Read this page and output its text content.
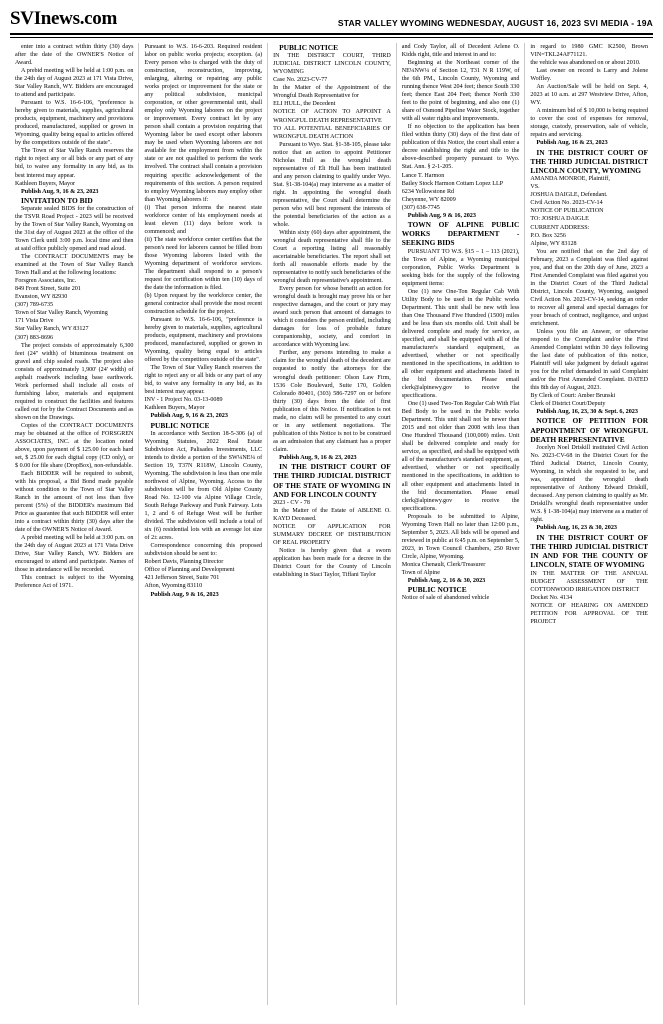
SVInews.com	STAR VALLEY WYOMING WEDNESDAY, AUGUST 16, 2023 SVI MEDIA - 19A

enter into a contract within thirty (30) days after the date of the OWNER'S Notice of Award.

A prebid meeting will be held at 1:00 p.m. on the 24th day of August 2023 at 171 Vista Drive, Star Valley Ranch, WY. Bidders are encouraged to attend and participate.

Pursuant to W.S. 16-6-106, "preference is hereby given to materials, supplies, agricultural products, equipment, machinery and provisions produced, manufactured, supplied or grown in Wyoming, quality being equal to articles offered by the competitors outside of the state".

The Town of Star Valley Ranch reserves the right to reject any or all bids or any part of any bid, to waive any formality in any bid, as its best interest may appear.

Kathleen Buyers, Mayor

Publish Aug, 9, 16 & 23, 2023

INVITATION TO BID

Separate sealed BIDS for the construction of the TSVR Road Project - 2023 will be received by the Town of Star Valley Ranch, Wyoming on the 31st day of August 2023 at the office of the Town Clerk until 3:00 p.m. local time and then at said office publicly opened and read aloud.

The CONTRACT DOCUMENTS may be examined at the Town of Star Valley Ranch Town Hall and at the following locations:

Forsgren Associates, Inc.

849 Front Street, Suite 201

Evanston, WY 82930

(307) 789-6735

Town of Star Valley Ranch, Wyoming

171 Vista Drive

Star Valley Ranch, WY 83127

(307) 883-8696

The project consists of approximately 6,300 feet (24" width) of bituminous treatment on gravel and chip sealed roads. The project also consists of approximately 1,900' (24' width) of asphalt roadwork including base earthwork. Work performed shall include all costs of furnishing labor, materials and equipment required to construct the facilities and features called out for by the Contract Documents and as shown on the Drawings.

Copies of the CONTRACT DOCUMENTS may be obtained at the office of FORSGREN ASSOCIATES, INC. at the location noted above, upon payment of $ 125.00 for each hard set, $ 25.00 for each digital copy (CD only), or $ 0.00 for file share (DropBox), non-refundable.

Each BIDDER will be required to submit, with his proposal, a Bid Bond made payable without condition to the Town of Star Valley Ranch in the amount of not less than five percent (5%) of the BIDDER's maximum Bid Price as guarantee that such BIDDER will enter into a contract within thirty (30) days after the date of the OWNER'S Notice of Award.

A prebid meeting will be held at 3:00 p.m. on the 24th day of August 2023 at 171 Vista Drive Drive, Star Valley Ranch, WY. Bidders are encouraged to attend and participate. Names of those in attendance will be recorded.

This contract is subject to the Wyoming Preference Act of 1971.

Pursuant to W.S. 16-6-203. Required resident labor on public works projects; exception. (a) Every person who is charged with the duty of construction, reconstruction, improving, enlarging, altering or repairing any public works project or improvement for the state or any political subdivision, municipal corporation, or other governmental unit, shall employ only Wyoming laborers on the project or improvement. Every contract let by any person shall contain a provision requiring that Wyoming labor be used except other laborers may be used when Wyoming laborers are not available for the employment from within the state or are not qualified to perform the work involved. The contract shall contain a provision requiring specific acknowledgement of the requirements of this section. A person required to employ Wyoming laborers may employ other than Wyoming laborers if:

(i) That person informs the nearest state workforce center of his employment needs at least eleven (11) days before work is commenced; and

(ii) The state workforce center certifies that the person's need for laborers cannot be filled from those Wyoming laborers listed with the Wyoming department of workforce services. The department shall respond to a person's request for certification within ten (10) days of the date the information is filed.

(b) Upon request by the workforce center, the general contractor shall provide the most recent construction schedule for the project.

Pursuant to W.S. 16-6-106, "preference is hereby given to materials, supplies, agricultural products, equipment, machinery and provisions produced, manufactured, supplied or grown in Wyoming, quality being equal to articles offered by the competitors outside of the state".

The Town of Star Valley Ranch reserves the right to reject any or all bids or any part of any bid, to waive any formality in any bid, as its best interest may appear.

INV - 1 Project No. 03-13-0089

Kathleen Buyers, Mayor

Publish Aug, 9, 16 & 23, 2023

PUBLIC NOTICE

In accordance with Section 18-5-306 (a) of Wyoming Statutes, 2022 Real Estate Subdivision Act, Palisades Investments, LLC intends to divide a portion of the SW¼NE¼ of Section 19, T37N R118W, Lincoln County, Wyoming. The subdivision is less than one mile northwest of Alpine, Wyoming. Access to the subdivision will be from Old Alpine County Road No. 12-100 via Alpine Village Circle, South Refuge Parkway and Funk Fairway. Lots 1, 2 and 6 of Refuge West will be further divided. The subdivision will include a total of six (6) residential lots with an average lot size of 2± acres.

Correspondence concerning this proposed subdivision should be sent to:

Robert Davis, Planning Director

Office of Planning and Development

421 Jefferson Street, Suite 701

Afton, Wyoming 83110

Publish Aug, 9 & 16, 2023

PUBLIC NOTICE

IN THE DISTRICT COURT, THIRD JUDICIAL DISTRICT LINCOLN COUNTY, WYOMING

Case No. 2023-CV-77

In the Matter of the Appointment of the Wrongful Death Representative for

ELI HULL, the Decedent

NOTICE OF ACTION TO APPOINT A WRONGFUL DEATH REPRESENTATIVE

TO ALL POTENTIAL BENEFICIARIES OF WRONGFUL DEATH ACTION

Pursuant to Wyo. Stat. §1-38-105, please take notice that an action to appoint Petitioner Nicholas Hull as the wrongful death representative of Eli Hull has been instituted and any person claiming to qualify under Wyo. Stat. §1-38-104(a) may intervene as a matter of right. In appointing the wrongful death representative, the Court shall determine the person who will best represent the interests of the potential beneficiaries of the action as a whole.

Within sixty (60) days after appointment, the wrongful death representative shall file to the Court a reporting listing all reasonably ascertainable beneficiaries. The report shall set forth all reasonable efforts made by the representative to notify such beneficiaries of the wrongful death representative's appointment.

Every person for whose benefit an action for wrongful death is brought may prove his or her respective damages, and the court or jury may award such person that amount of damages to which it considers the person entitled, including damages for loss of probable future companionship, society, and comfort in accordance with Wyoming law.

Further, any persons intending to make a claim for the wrongful death of the decedent are requested to notify the attorneys for the wrongful death petitioner: Olson Law Firm, 1536 Cole Boulevard, Suite 170, Golden Colorado 80401, (303) 586-7297 on or before thirty (30) days from the date of first publication of this Notice. If notification is not made, no claim will be presented to any court or in any settlement negotiations. The publication of this Notice is not to be construed as an admission that any claimant has a proper claim.

Publish Aug, 9, 16 & 23, 2023

IN THE DISTRICT COURT OF THE THIRD JUDICIAL DISTRICT OF THE STATE OF WYOMING IN AND FOR LINCOLN COUNTY

2023 - CV - 78

In the Matter of the Estate of ABLENE O. KAYD Deceased.

NOTICE OF APPLICATION FOR SUMMARY DECREE OF DISTRIBUTION OF REAL PROPERTY

Notice is hereby given that a sworn application has been made for a decree in the District Court for the County of Lincoln establishing in Staci Taylor, Tiffani Taylor

and Cody Taylor, all of Decedent Arlene O. Kidds right, title and interest in and to:

Beginning at the Northeast corner of the NE¼NW¼ of Section 12, T31 N R 119W, of the 6th PM., Lincoln County, Wyoming and running thence West 204 feet; thence South 330 feet; thence East 204 Feet; thence North 330 feet to the point of beginning, and also one (1) share of Osmond Pipeline Water Stock, together with all water rights and improvements.

If no objection to the application has been filed within thirty (30) days of the first date of publication of this Notice, the court shall enter a decree establishing the right and title to the above-described property pursuant to Wyo. Stat. Ann. § 2-1-205.

Lance T. Harmon

Bailey Stock Harmon Cottam Lopez LLP

6234 Yellowstone Rd

Cheyenne, WY 82009

(307) 638-7745

Publish Aug, 9 & 16, 2023

TOWN OF ALPINE PUBLIC WORKS DEPARTMENT - SEEKING BIDS

PURSUANT TO W.S. §15 – 1 – 113 (2021), the Town of Alpine, a Wyoming municipal corporation, Public Works Department is seeking bids for the supply of the following equipment items:

One (1) new One-Ton Regular Cab With Utility Body to be used in the Public works Department. This unit shall be new with less than One Thousand Five Hundred (1500) miles and be less than six months old. Unit shall be delivered complete and ready for service, as specified, and shall be equipped with all of the manufacturer's standard equipment, as advertised, whether or not specifically mentioned in the specifications, in addition to all other equipment and attachments listed in the bid documentation. Please email clerk@alpinewy.gov to receive the specifications.

One (1) used Two-Ton Regular Cab With Flat Bed Body to be used in the Public works Department. This unit shall not be newer than 2015 and not older than 2008 with less than One Hundred Thousand (100,000) miles. Unit shall be delivered complete and ready for service, as specified, and shall be equipped with all of the manufacturer's standard equipment, as advertised, whether or not specifically mentioned in the specifications, in addition to all other equipment and attachments listed in the bid documentation. Please email clerk@alpinewy.gov to receive the specifications.

Proposals to be submitted to Alpine, Wyoming Town Hall no later than 12:00 p.m., September 5, 2023. All bids will be opened and reviewed in public at 6:45 p.m. on September 5, 2023, in Town Council Chambers, 250 River Circle, Alpine, Wyoming.

Monica Chenault, Clerk/Treasurer

Town of Alpine

Publish Aug, 2, 16 & 30, 2023

PUBLIC NOTICE

Notice of sale of abandoned vehicle

in regard to 1980 GMC K2500, Brown VIN=TKL24AF71121.

the vehicle was abandoned on or about 2010.

Last owner on record is Larry and Jolene Woffley.

An Auction/Sale will be held on Sept. 4, 2023 at 10 a.m. at 297 Westview Drive, Afton, WY.

A minimum bid of $ 10,000 is being required to cover the cost of expenses for removal, storage, custody, preservation, sale of vehicle, repairs and servicing.

Publish Aug, 16 & 23, 2023

IN THE DISTRICT COURT OF THE THIRD JUDICIAL DISTRICT LINCOLN COUNTY, WYOMING

AMANDA MONROE, Plaintiff,

VS.

JOSHUA DAIGLE, Defendant.

Civil Action No. 2023-CV-14

NOTICE OF PUBLICATION

TO: JOSHUA DAIGLE

CURRENT ADDRESS:

P.O. Box 3256

Alpine, WY 83128

You are notified that on the 2nd day of February, 2023 a Complaint was filed against you, and that on the 20th day of June, 2023 a First Amended Complaint was filed against you in the District Court of the Third Judicial District, Lincoln County, Wyoming, assigned Civil Action No. 2023-CV-14, seeking an order to recover all general and special damages for your breach of contract, negligence, and unjust enrichment.

Unless you file an Answer, or otherwise respond to the Complaint and/or the First Amended Complaint within 30 days following the last date of publication of this notice, Plaintiff will take judgment by default against you for the relief demanded in said Complaint and/or the First Amended Complaint. DATED this 8th day of August, 2023.

By Clerk of Court: Amber Brunski

Clerk of District Court/Deputy

Publish Aug, 16, 23, 30 & Sept. 6, 2023

NOTICE OF PETITION FOR APPOINTMENT OF WRONGFUL DEATH REPRESENTATIVE

Jocelyn Noel Driskill instituted Civil Action No. 2023-CV-68 in the District Court for the Third Judicial District, Lincoln County, Wyoming, in which she requested to be, and was, appointed the wrongful death representative of Anthony Edward Driskill, deceased. Any person claiming to qualify as Mr. Driskill's wrongful death representative under W.S. § 1-38-104(a) may intervene as a matter of right.

Publish Aug, 16, 23 & 30, 2023

IN THE DISTRICT COURT OF THE THIRD JUDICIAL DISTRICT IN AND FOR THE COUNTY OF LINCOLN, STATE OF WYOMING

IN THE MATTER OF THE ANNUAL BUDGET ASSESSMENT OF THE COTTONWOOD IRRIGATION DISTRICT

Docket No. 4134

NOTICE OF HEARING ON AMENDED PETITION FOR APPROVAL OF THE PROJECT
